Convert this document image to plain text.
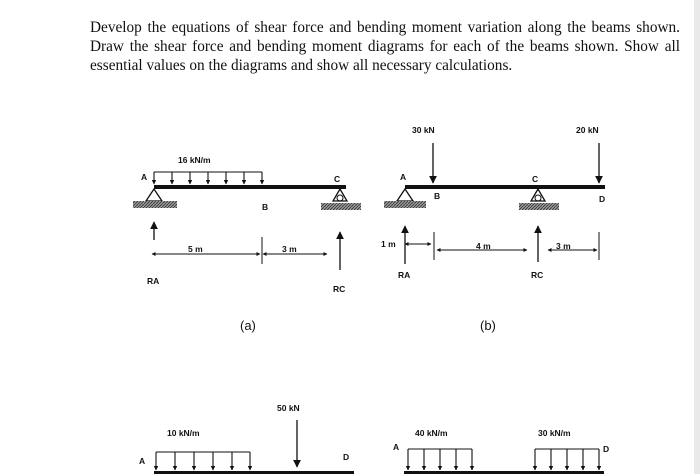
Develop the equations of shear force and bending moment variation along the beams shown. Draw the shear force and bending moment diagrams for each of the beams shown. Show all essential values on the diagrams and show all necessary calculations.
16 kN/m
A
B
C
5 m	3 m
RA
RC
(a)
30 kN	20 kN
A
B
C
D
1 m	4 m	3 m
RA	RC
(b)
50 kN
10 kN/m
A	D
40 kN/m	30 kN/m
A	D
